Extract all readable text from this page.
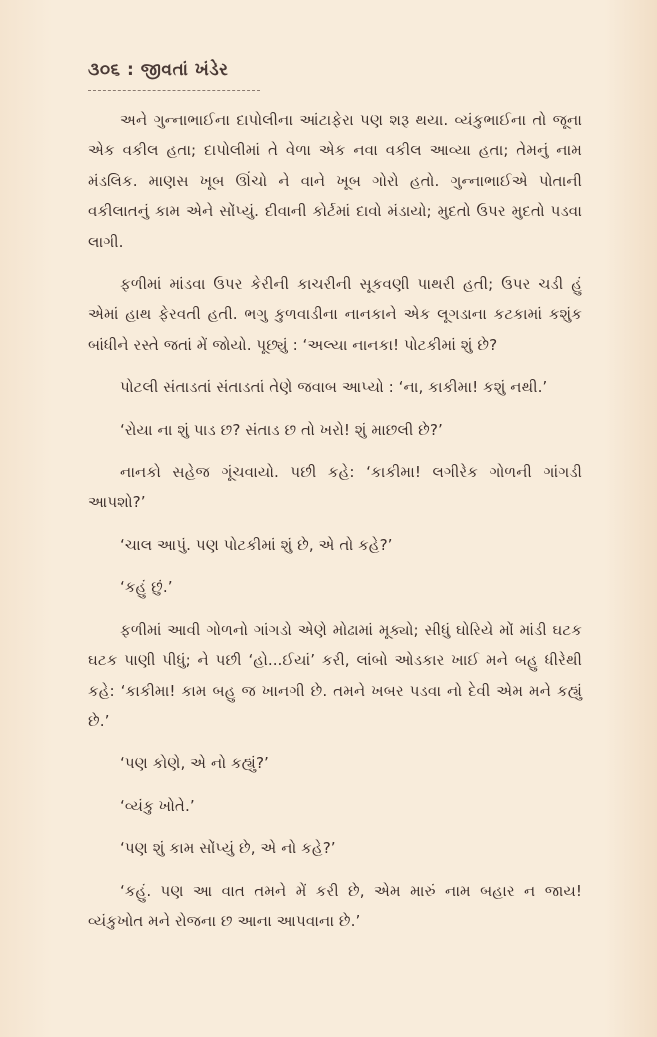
૩૦૬ : જીવતાં ખંડેર

અને ગુન્નાભાઈના દાપોલીના આંટાફેરા પણ શરૂ થયા. વ્યંકુભાઈના તો જૂના એક વકીલ હતા; દાપોલીમાં તે વેળા એક નવા વકીલ આવ્યા હતા; તેમનું નામ મંડલિક. માણસ ખૂબ ઊંચો ને વાને ખૂબ ગોરો હતો. ગુન્નાભાઈએ પોતાની વકીલાતનું કામ એને સોંપ્યું. દીવાની કોર્ટમાં દાવો મંડાયો; મુદતો ઉપર મુદતો પડવા લાગી.

ફળીમાં માંડવા ઉપર કેરીની કાચરીની સૂકવણી પાથરી હતી; ઉપર ચડી હું એમાં હાથ ફેરવતી હતી. ભગુ કુળવાડીના નાનકાને એક લૂગડાના કટકામાં કશુંક બાંધીને રસ્તે જતાં મેં જોયો. પૂછ્યું : ‘અલ્યા નાનકા! પોટકીમાં શું છે?

પોટલી સંતાડતાં સંતાડતાં તેણે જવાબ આપ્યો : ‘ના, કાકીમા! કશું નથી.’

‘રોયા ના શું પાડ છ? સંતાડ છ તો ખરો! શું માછલી છે?’

નાનકો સહેજ ગૂંચવાયો. પછી કહે: ‘કાકીમા! લગીરેક ગોળની ગાંગડી આપશો?’

‘ચાલ આપું. પણ પોટકીમાં શું છે, એ તો કહે?’

‘કહું છું.’

ફળીમાં આવી ગોળનો ગાંગડો એણે મોઢામાં મૂક્યો; સીધું ઘોરિયે મોં માંડી ઘટક ઘટક પાણી પીધું; ને પછી ‘હો...ઈયાં’ કરી, લાંબો ઓડકાર ખાઈ મને બહુ ધીરેથી કહે: ‘કાકીમા! કામ બહુ જ ખાનગી છે. તમને ખબર પડવા નો દેવી એમ મને કહ્યું છે.’

‘પણ કોણે, એ નો કહ્યું?’

‘વ્યંકુ ખોતે.’

‘પણ શું કામ સોંપ્યું છે, એ નો કહે?’

‘કહું. પણ આ વાત તમને મેં કરી છે, એમ મારું નામ બહાર ન જાય! વ્યંકુખોત મને રોજના છ આના આપવાના છે.’
